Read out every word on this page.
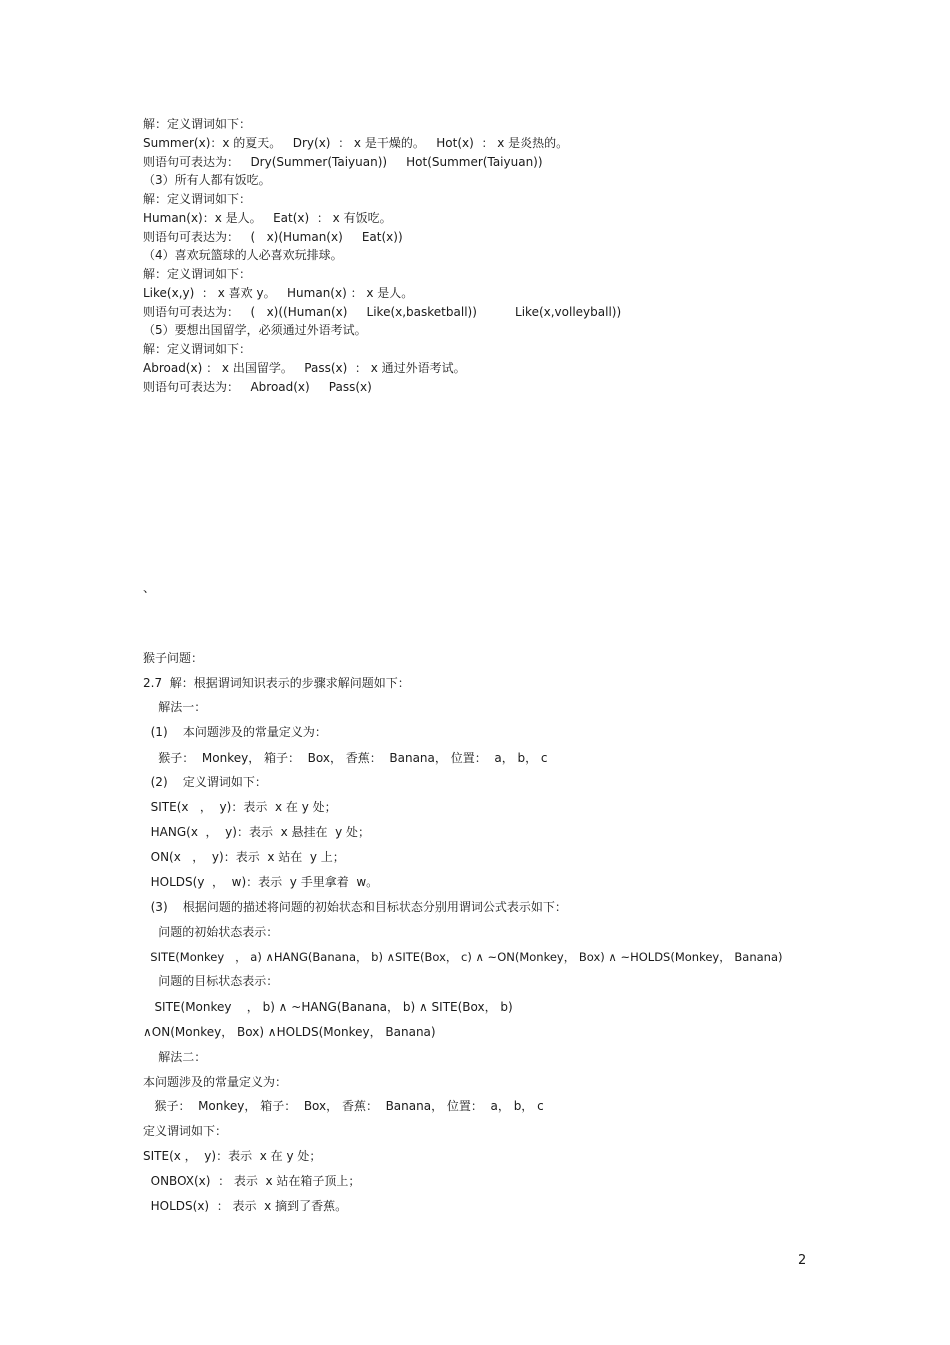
解：定义谓词如下：
Summer(x)：x 的夏天。   Dry(x)  ： x 是干燥的。   Hot(x)  ： x 是炎热的。
则语句可表达为：   Dry(Summer(Taiyuan))     Hot(Summer(Taiyuan))
（3）所有人都有饭吃。
解：定义谓词如下：
Human(x)：x 是人。   Eat(x)  ： x 有饭吃。
则语句可表达为：   (   x)(Human(x)     Eat(x))
（4）喜欢玩篮球的人必喜欢玩排球。
解：定义谓词如下：
Like(x,y)  ： x 喜欢 y。   Human(x) ： x 是人。
则语句可表达为：   (   x)((Human(x)     Like(x,basketball))          Like(x,volleyball))
（5）要想出国留学，必须通过外语考试。
解：定义谓词如下：
Abroad(x) ： x 出国留学。   Pass(x)  ： x 通过外语考试。
则语句可表达为：   Abroad(x)     Pass(x)
、
猴子问题：
2.7  解：根据谓词知识表示的步骤求解问题如下：
解法一：
(1)    本问题涉及的常量定义为：
猴子：  Monkey， 箱子：  Box， 香蕉：  Banana， 位置：  a， b， c
(2)    定义谓词如下：
SITE(x   ，  y)：表示  x 在 y 处；
HANG(x  ，  y)：表示  x 悬挂在  y 处；
ON(x   ，  y)：表示  x 站在  y 上；
HOLDS(y  ，  w)：表示  y 手里拿着  w。
(3)    根据问题的描述将问题的初始状态和目标状态分别用谓词公式表示如下：
问题的初始状态表示：
SITE(Monkey   ， a) ∧HANG(Banana， b) ∧SITE(Box， c) ∧ ~ON(Monkey， Box) ∧ ~HOLDS(Monkey， Banana)
问题的目标状态表示：
SITE(Monkey    ， b) ∧ ~HANG(Banana， b) ∧ SITE(Box， b)
∧ON(Monkey， Box) ∧HOLDS(Monkey， Banana)
解法二：
本问题涉及的常量定义为：
猴子：  Monkey， 箱子：  Box， 香蕉：  Banana， 位置：  a， b， c
定义谓词如下：
SITE(x ，  y)：表示  x 在 y 处；
ONBOX(x)  ： 表示  x 站在箱子顶上；
HOLDS(x)  ： 表示  x 摘到了香蕉。
2
